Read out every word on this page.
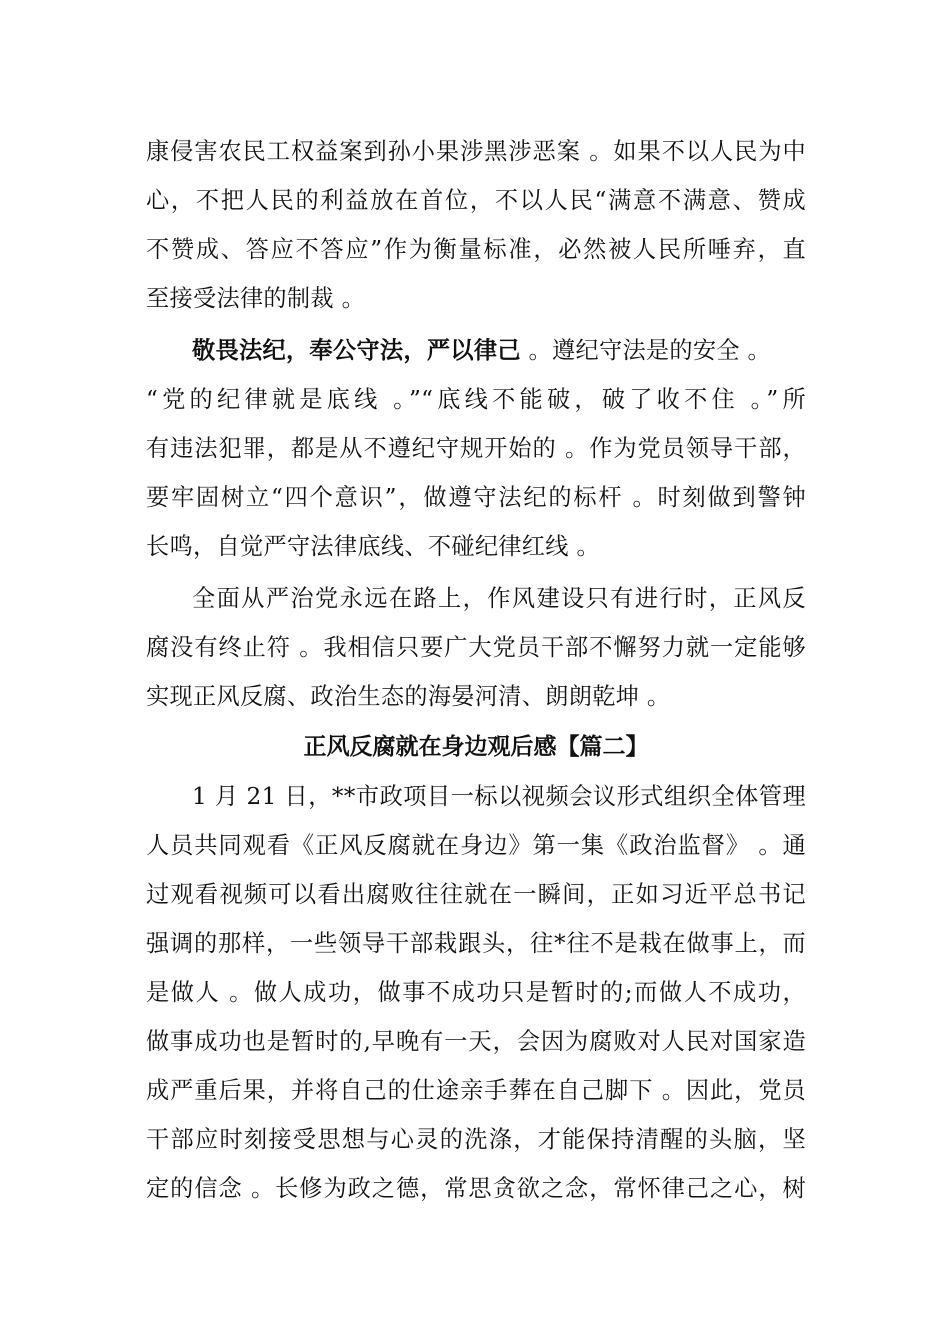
康侵害农民工权益案到孙小果涉黑涉恶案 。如果不以人民为中
心，不把人民的利益放在首位，不以人民“满意不满意、赞成
不赞成、答应不答应”作为衡量标准，必然被人民所唾弃，直
至接受法律的制裁 。
敬畏法纪，奉公守法，严以律己 。遵纪守法是的安全 。
“党的纪律就是底线 。”“底线不能破，破了收不住 。”所
有违法犯罪，都是从不遵纪守规开始的 。作为党员领导干部，
要牢固树立“四个意识”，做遵守法纪的标杆 。时刻做到警钟
长鸣，自觉严守法律底线、不碰纪律红线 。
全面从严治党永远在路上，作风建设只有进行时，正风反
腐没有终止符 。我相信只要广大党员干部不懈努力就一定能够
实现正风反腐、政治生态的海晏河清、朗朗乾坤 。
正风反腐就在身边观后感【篇二】
1 月 21 日，**市政项目一标以视频会议形式组织全体管理
人员共同观看《正风反腐就在身边》第一集《政治监督》 。通
过观看视频可以看出腐败往往就在一瞬间，正如习近平总书记
强调的那样，一些领导干部栽跟头，往*往不是栽在做事上，而
是做人 。做人成功，做事不成功只是暂时的;而做人不成功，
做事成功也是暂时的,早晚有一天，会因为腐败对人民对国家造
成严重后果，并将自己的仕途亲手葬在自己脚下 。因此，党员
干部应时刻接受思想与心灵的洗涤，才能保持清醒的头脑，坚
定的信念 。长修为政之德，常思贪欲之念，常怀律己之心，树
